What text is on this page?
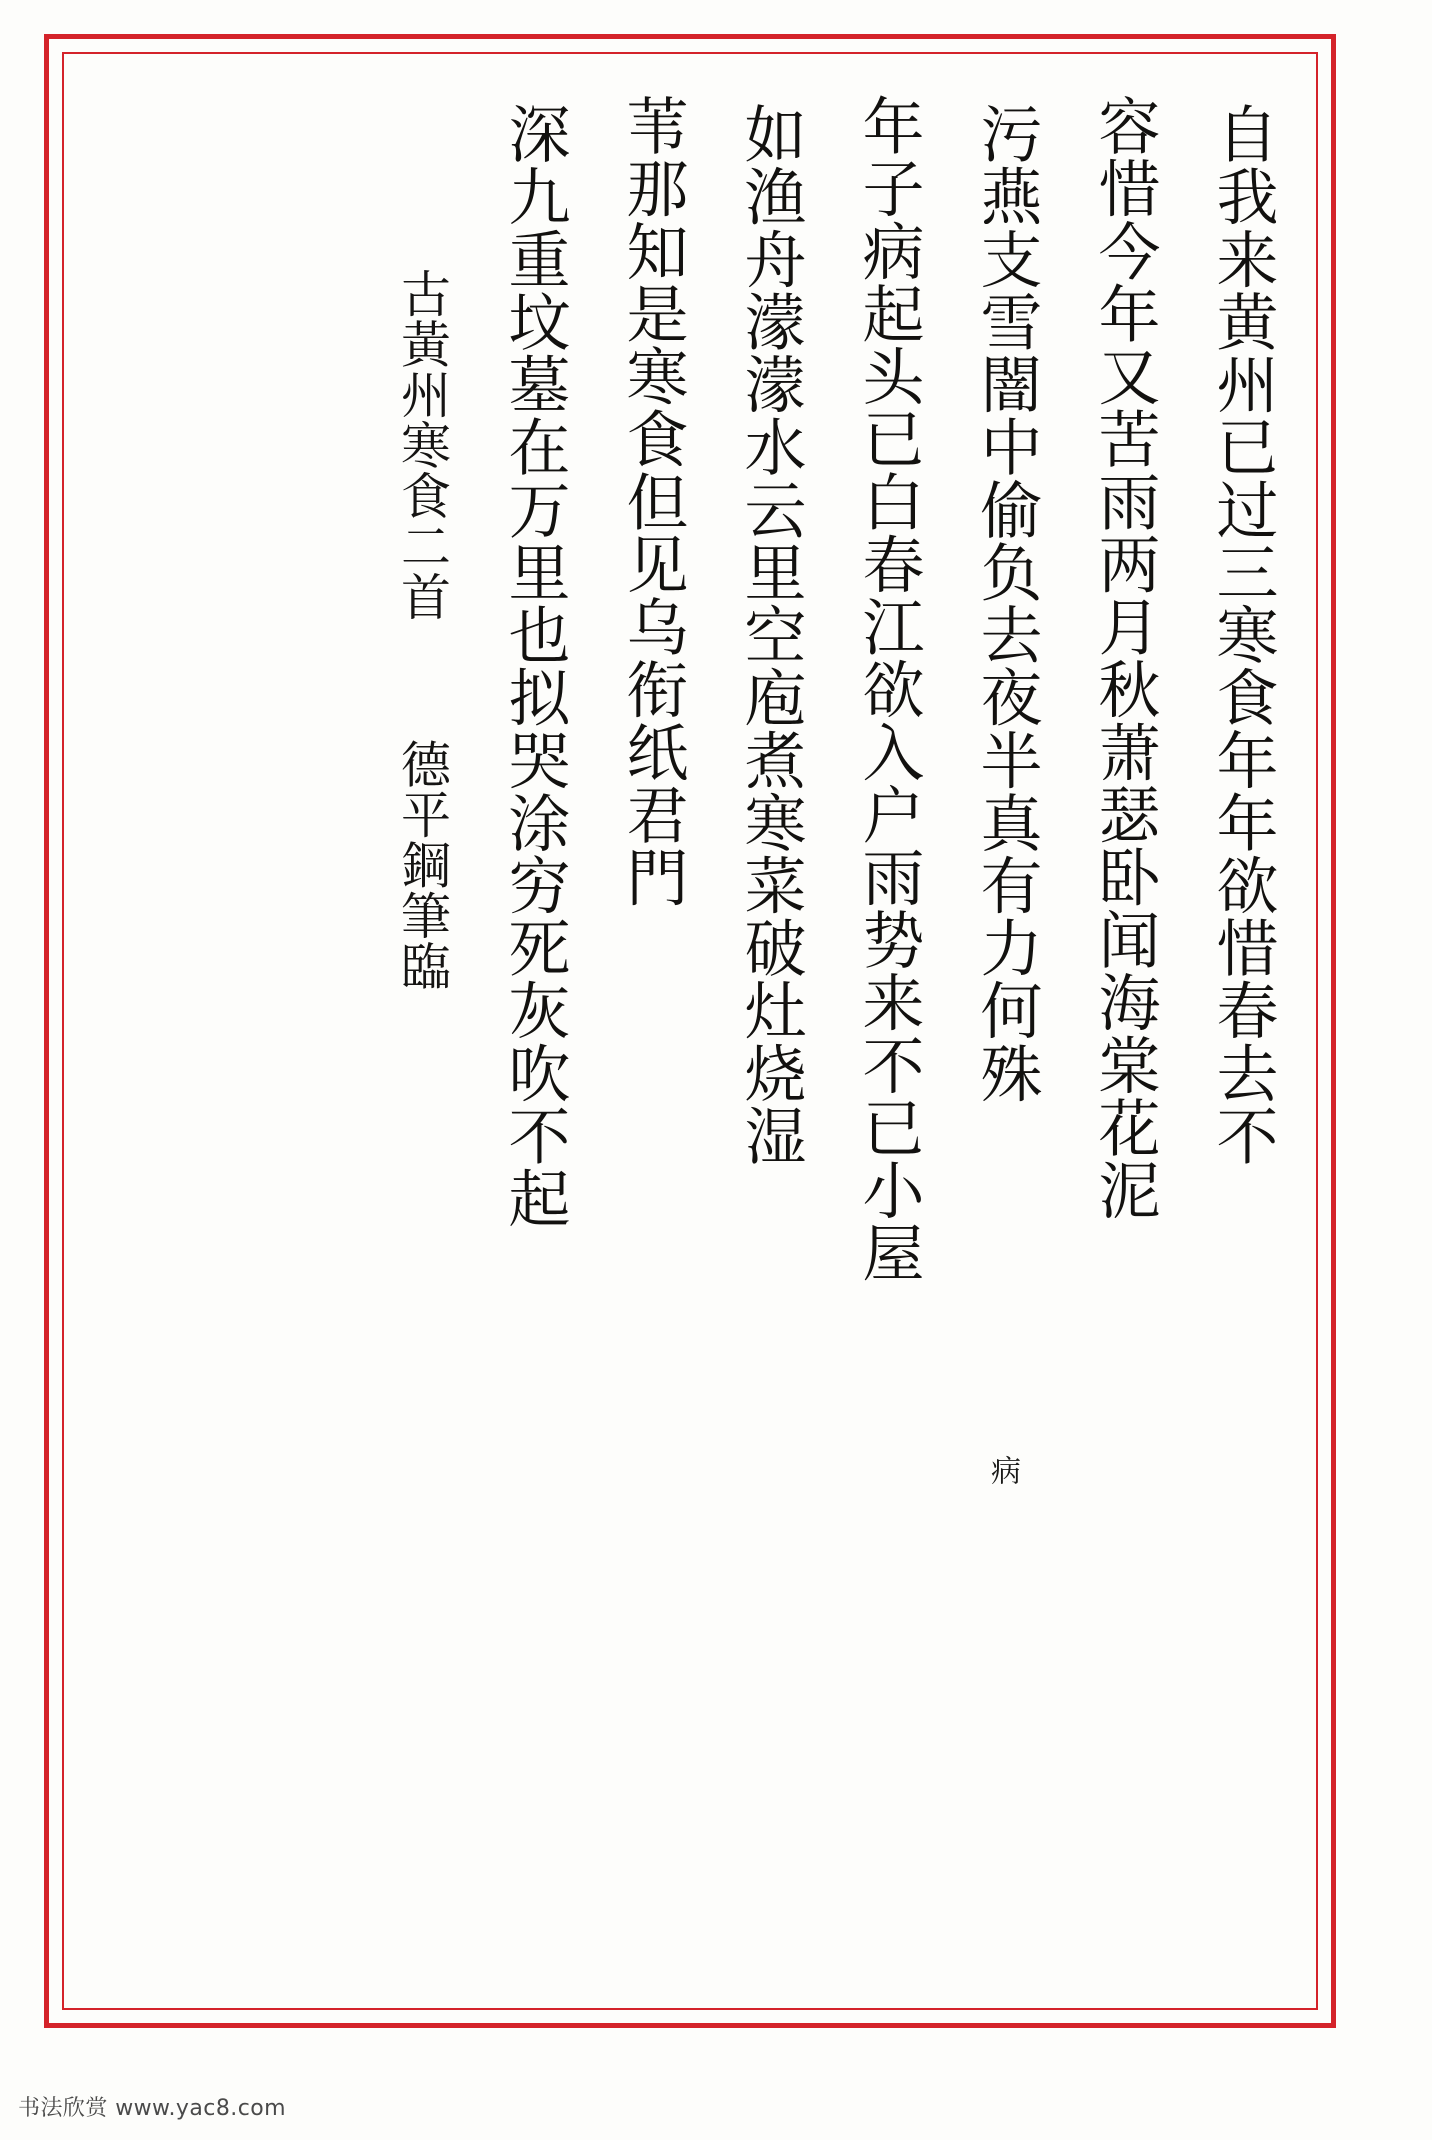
自我来黄州已过三寒食年年欲惜春去不
容惜今年又苦雨两月秋萧瑟卧闻海棠花泥
污燕支雪闇中偷负去夜半真有力何殊
年子病起头已白春江欲入户雨势来不已小屋
如渔舟濛濛水云里空庖煮寒菜破灶烧湿
苇那知是寒食但见乌衔纸君門
深九重坟墓在万里也拟哭涂穷死灰吹不起
古黃州寒食二首  德平鋼筆臨
病
书法欣赏 www.yac8.com
